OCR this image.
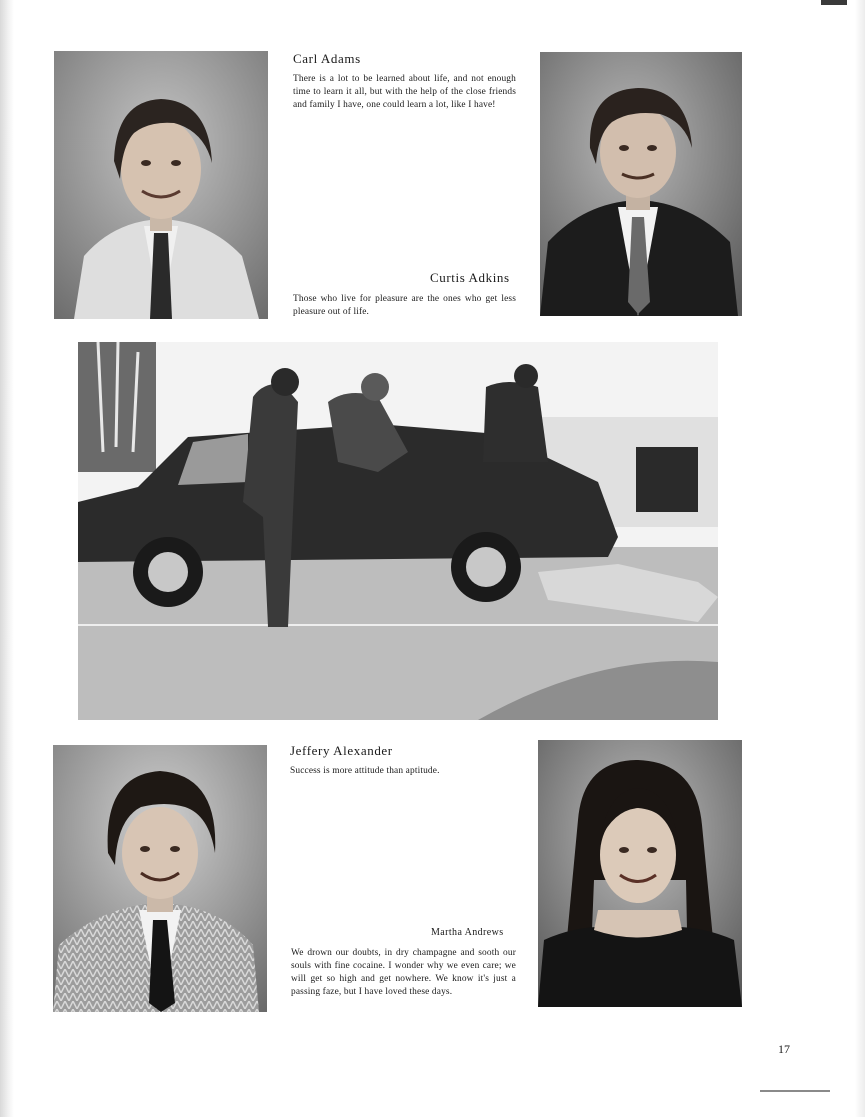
Carl Adams
There is a lot to be learned about life, and not enough time to learn it all, but with the help of the close friends and family I have, one could learn a lot, like I have!
Curtis Adkins
Those who live for pleasure are the ones who get less pleasure out of life.
Jeffery Alexander
Success is more attitude than aptitude.
Martha Andrews
We drown our doubts, in dry champagne and sooth our souls with fine cocaine. I wonder why we even care; we will get so high and get nowhere. We know it's just a passing faze, but I have loved these days.
17
